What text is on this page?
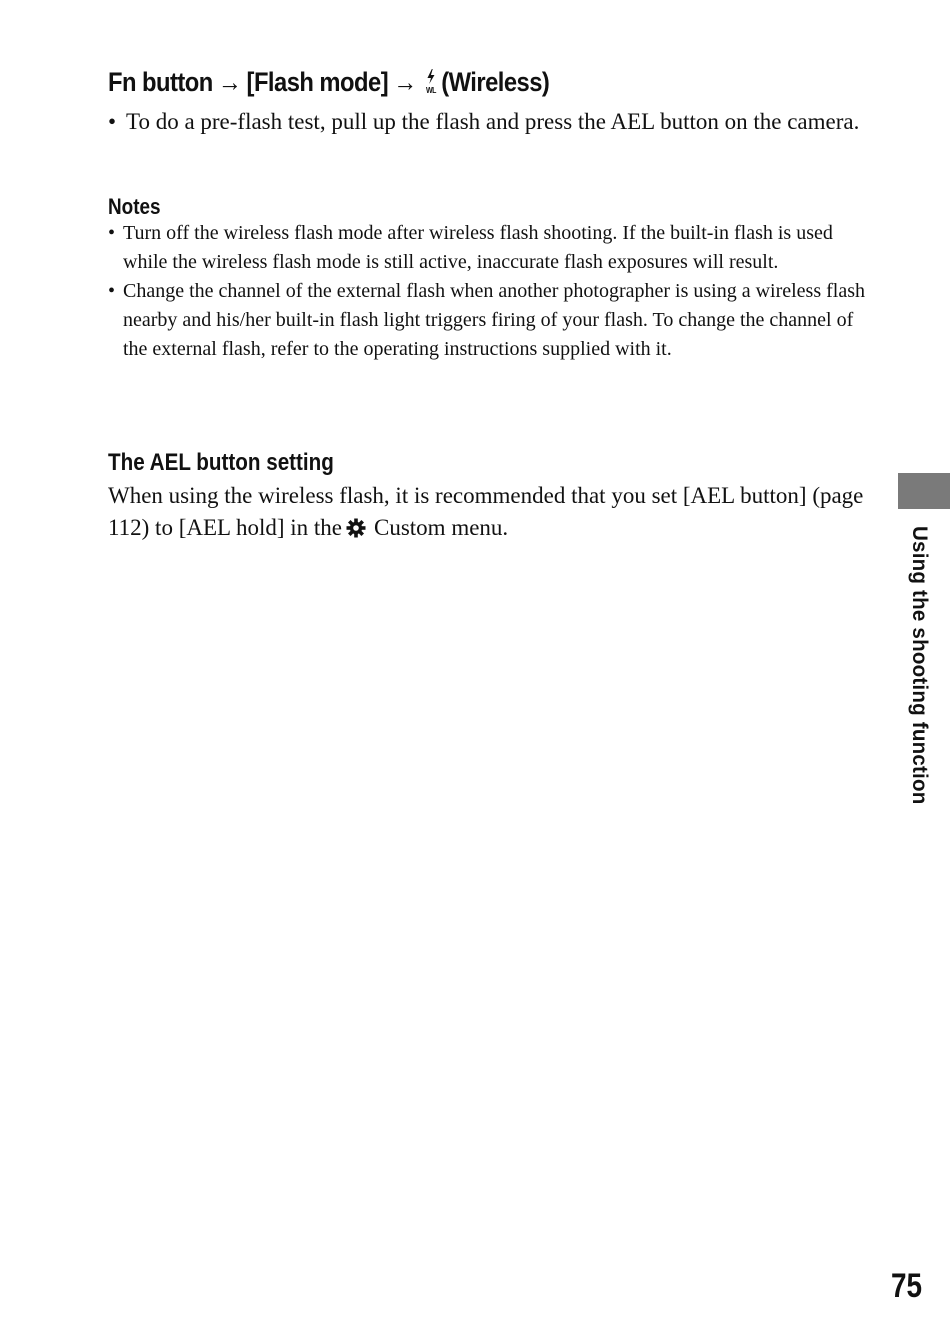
Fn button → [Flash mode] → WL (Wireless)
• To do a pre-flash test, pull up the flash and press the AEL button on the camera.
Notes
• Turn off the wireless flash mode after wireless flash shooting. If the built-in flash is used while the wireless flash mode is still active, inaccurate flash exposures will result.
• Change the channel of the external flash when another photographer is using a wireless flash nearby and his/her built-in flash light triggers firing of your flash. To change the channel of the external flash, refer to the operating instructions supplied with it.
The AEL button setting

When using the wireless flash, it is recommended that you set [AEL button] (page 112) to [AEL hold] in the Custom menu.	Using the shooting function

75
